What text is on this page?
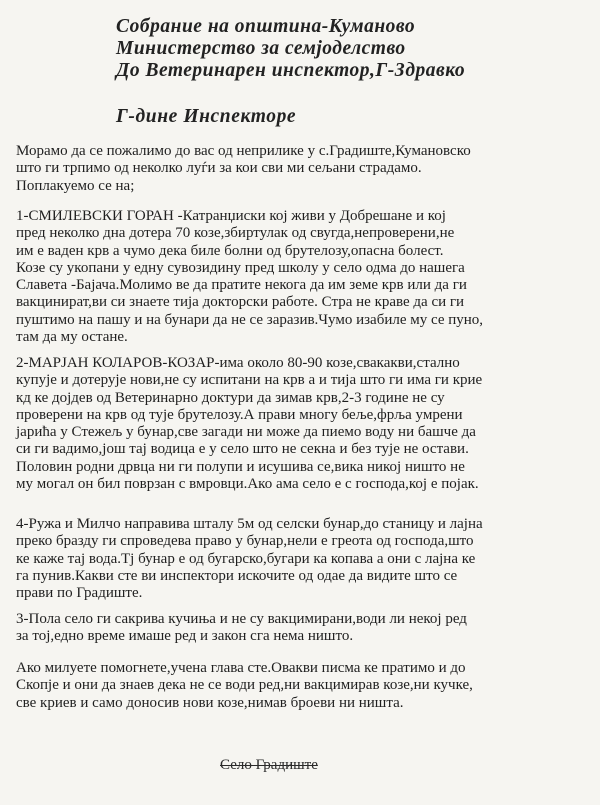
Собрание на општина-Куманово
Министерство за семјоделство
До Ветеринарен инспектор,Г-Здравко
Г-дине Инспекторе
Морамо да се пожалимо до вас од неприлике у с.Градиште,Кумановско
што ги трпимо од неколко луѓи за кои сви ми сељани страдамо.
Поплакуемо се на;
1-СМИЛЕВСКИ ГОРАН -Катранџиски кој живи у Добрешане и кој
пред неколко дна дотера 70 козе,збиртулак од свугда,непроверени,не
им е ваден крв а чумо дека биле болни од брутелозу,опасна болест.
Козе су укопани у едну сувозидину пред школу у село одма до нашега
Славета -Бајача.Молимо ве да пратите некога да им земе крв или да ги
вакцинират,ви си знаете тија докторски работе. Стра не краве да си ги
пуштимо на пашу и на бунари да не се заразив.Чумо изабиле му се пуно,
там да му остане.
2-МАРЈАН КОЛАРОВ-КОЗАР-има около 80-90 козе,свакакви,стално
купује и дотерује нови,не су испитани на крв а и тија што ги има ги крие
кд ке дојдев од Ветеринарно доктури да зимав крв,2-3 године не су
проверени на крв од тује брутелозу.А прави многу беље,фрља умрени
јарића у Стежељ у бунар,све загади ни може да пиемо воду ни башче да
си ги вадимо,још тај водица е у село што не секна и без тује не остави.
Половин родни дрвца ни ги полупи и исушива се,вика никој ништо не
му могал он бил поврзан с вмровци.Ако ама село е с господа,кој е појак.
4-Ружа и Милчо направива шталу 5м од селски бунар,до станицу и лајна
преко бразду ги спроведева право у бунар,нели е греота од господа,што
ке каже тај вода.Тј бунар е од бугарско,бугари ка копава а они с лајна ке
га пунив.Какви сте ви инспектори искочите од одае да видите што се
прави по Градиште.
3-Пола село ги сакрива кучиња и не су вакцимирани,води ли некој ред
за тој,едно време имаше ред и закон сга нема ништо.
Ако милуете помогнете,учена глава сте.Овакви писма ке пратимо и до
Скопје и они да знаев дека не се води ред,ни вакцимирав козе,ни кучке,
све криев и само доносив нови козе,нимав броеви ни ништа.
Село Градиште
